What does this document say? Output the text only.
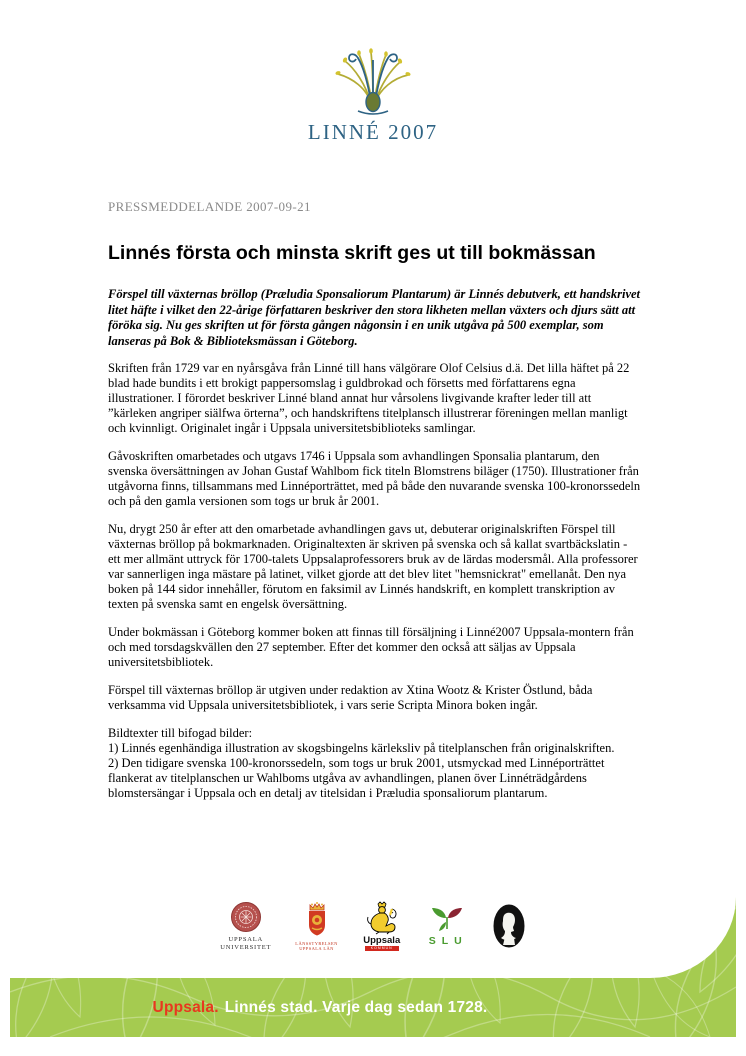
LINNÉ 2007

PRESSMEDDELANDE 2007-09-21

Linnés första och minsta skrift ges ut till bokmässan

Förspel till växternas bröllop (Præludia Sponsaliorum Plantarum) är Linnés debutverk, ett handskrivet litet häfte i vilket den 22-årige författaren beskriver den stora likheten mellan växters och djurs sätt att föröka sig. Nu ges skriften ut för första gången någonsin i en unik utgåva på 500 exemplar, som lanseras på Bok & Biblioteksmässan i Göteborg.

Skriften från 1729 var en nyårsgåva från Linné till hans välgörare Olof Celsius d.ä. Det lilla häftet på 22 blad hade bundits i ett brokigt pappersomslag i guldbrokad och försetts med författarens egna illustrationer. I förordet beskriver Linné bland annat hur vårsolens livgivande krafter leder till att ”kärleken angriper siälfwa örterna”, och handskriftens titelplansch illustrerar föreningen mellan manligt och kvinnligt. Originalet ingår i Uppsala universitetsbiblioteks samlingar.

Gåvoskriften omarbetades och utgavs 1746 i Uppsala som avhandlingen Sponsalia plantarum, den svenska översättningen av Johan Gustaf Wahlbom fick titeln Blomstrens biläger (1750). Illustrationer från utgåvorna finns, tillsammans med Linnéporträttet, med på både den nuvarande svenska 100-kronorssedeln och på den gamla versionen som togs ur bruk år 2001.

Nu, drygt 250 år efter att den omarbetade avhandlingen gavs ut, debuterar originalskriften Förspel till växternas bröllop på bokmarknaden. Originaltexten är skriven på svenska och så kallat svartbäckslatin - ett mer allmänt uttryck för 1700-talets Uppsalaprofessorers bruk av de lärdas modersmål. Alla professorer var sannerligen inga mästare på latinet, vilket gjorde att det blev litet "hemsnickrat" emellanåt. Den nya boken på 144 sidor innehåller, förutom en faksimil av Linnés handskrift, en komplett transkription av texten på svenska samt en engelsk översättning.

Under bokmässan i Göteborg kommer boken att finnas till försäljning i Linné2007 Uppsala-montern från och med torsdagskvällen den 27 september. Efter det kommer den också att säljas av Uppsala universitetsbibliotek.

Förspel till växternas bröllop är utgiven under redaktion av Xtina Wootz & Krister Östlund, båda verksamma vid Uppsala universitetsbibliotek, i vars serie Scripta Minora boken ingår.

Bildtexter till bifogad bilder:
1) Linnés egenhändiga illustration av skogsbingelns kärleksliv på titelplanschen från originalskriften.
2) Den tidigare svenska 100-kronorssedeln, som togs ur bruk 2001, utsmyckad med Linnéporträttet flankerat av titelplanschen ur Wahlboms utgåva av avhandlingen, planen över Linnéträdgårdens blomstersängar i Uppsala och en detalj av titelsidan i Præludia sponsaliorum plantarum.
UPPSALA
UNIVERSITET
LÄNSSTYRELSEN
UPPSALA LÄN
Uppsala
KOMMUN
SLU
Uppsala. Linnés stad. Varje dag sedan 1728.
